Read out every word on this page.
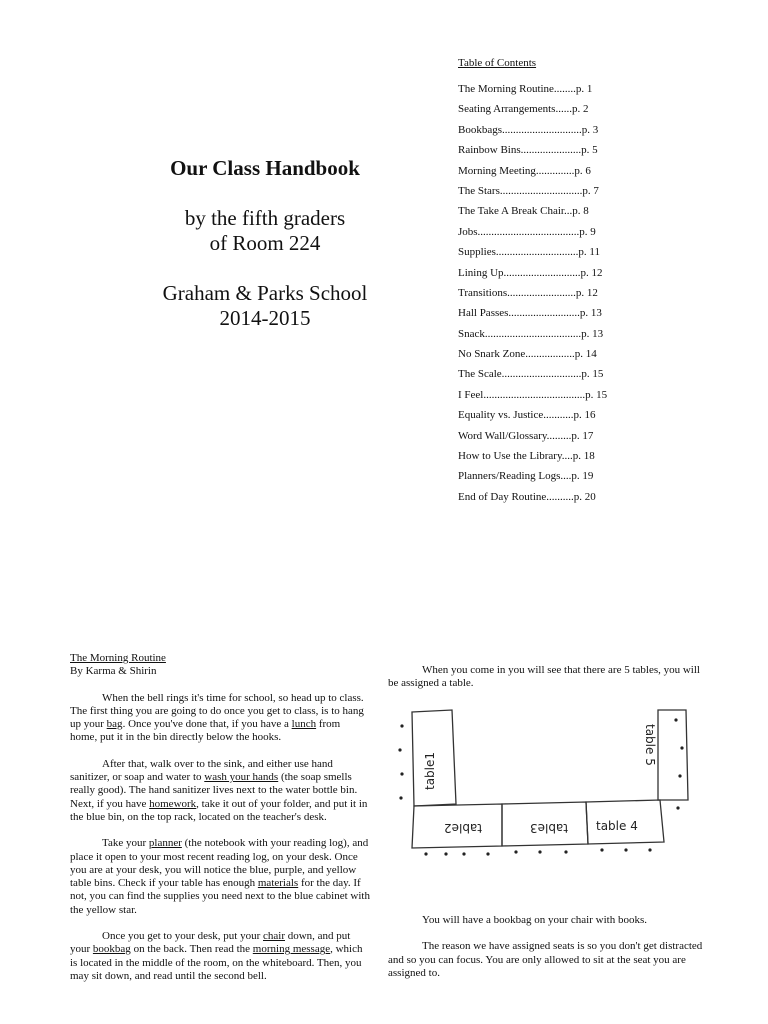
Our Class Handbook
by the fifth graders
of Room 224
Graham & Parks School
2014-2015
Table of Contents
The Morning Routine........p. 1
Seating Arrangements......p. 2
Bookbags.............................p. 3
Rainbow Bins......................p. 5
Morning Meeting..............p. 6
The Stars..............................p. 7
The Take A Break Chair...p. 8
Jobs.....................................p. 9
Supplies..............................p. 11
Lining Up............................p. 12
Transitions.........................p. 12
Hall Passes..........................p. 13
Snack...................................p. 13
No Snark Zone..................p. 14
The Scale.............................p. 15
I Feel.....................................p. 15
Equality vs. Justice...........p. 16
Word Wall/Glossary.........p. 17
How to Use the Library....p. 18
Planners/Reading Logs....p. 19
End of Day Routine..........p. 20
The Morning Routine
By Karma & Shirin

When the bell rings it's time for school, so head up to class. The first thing you are going to do once you get to class, is to hang up your bag. Once you've done that, if you have a lunch from home, put it in the bin directly below the hooks.

After that, walk over to the sink, and either use hand sanitizer, or soap and water to wash your hands (the soap smells really good). The hand sanitizer lives next to the water bottle bin. Next, if you have homework, take it out of your folder, and put it in the blue bin, on the top rack, located on the teacher's desk.

Take your planner (the notebook with your reading log), and place it open to your most recent reading log, on your desk. Once you are at your desk, you will notice the blue, purple, and yellow table bins. Check if your table has enough materials for the day. If not, you can find the supplies you need next to the blue cabinet with the yellow star.

Once you get to your desk, put your chair down, and put your bookbag on the back. Then read the morning message, which is located in the middle of the room, on the whiteboard. Then, you may sit down, and read until the second bell.

When you come in you will see that there are 5 tables, you will be assigned a table.

table1
table 5
table2	table3 table 4

You will have a bookbag on your chair with books.

The reason we have assigned seats is so you don't get distracted and so you can focus. You are only allowed to sit at the seat you are assigned to.
